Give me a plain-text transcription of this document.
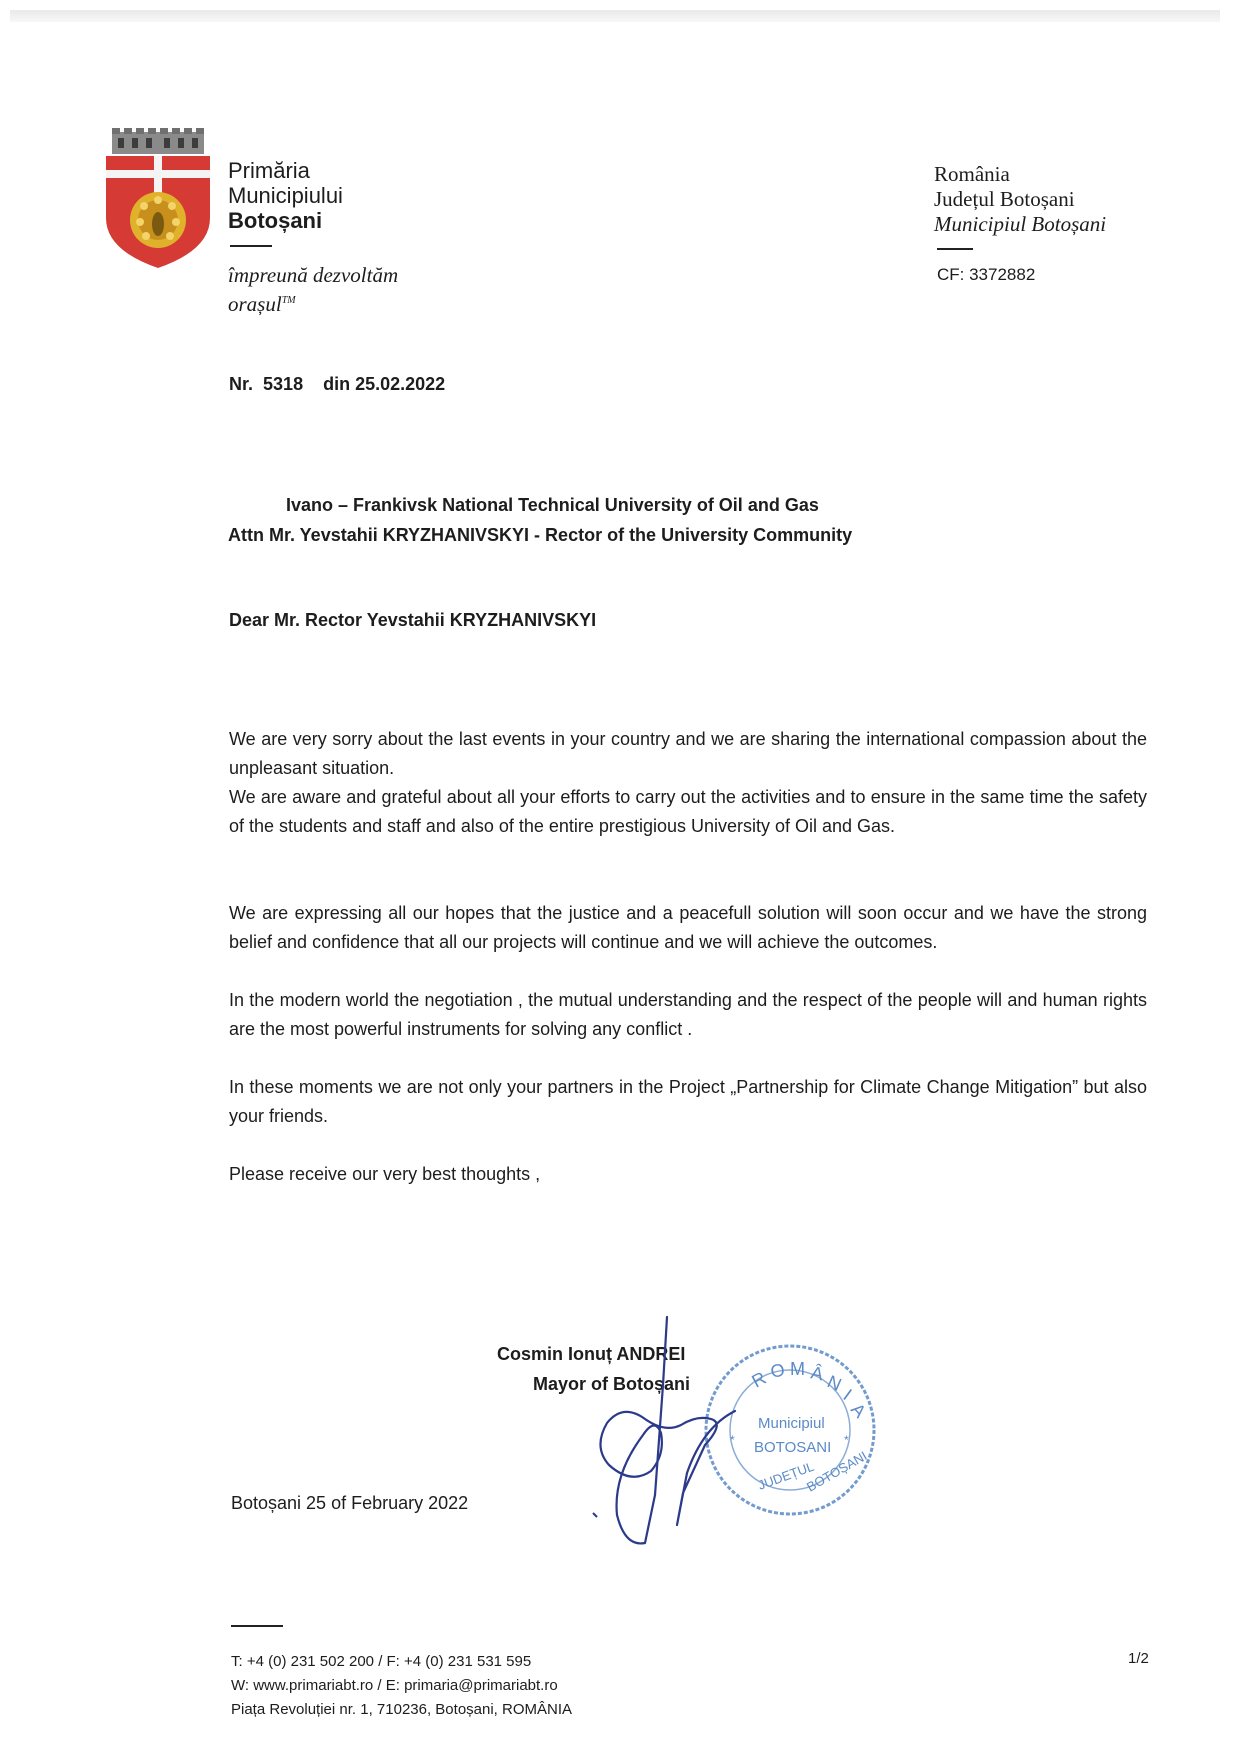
Primăria
Municipiului
Botoșani
împreună dezvoltăm
orașul™
România
Județul Botoșani
Municipiul Botoșani
CF: 3372882
Nr. 5318 din 25.02.2022
Ivano – Frankivsk National Technical University of Oil and Gas
Attn Mr. Yevstahii KRYZHANIVSKYI - Rector of the University Community
Dear Mr. Rector Yevstahii KRYZHANIVSKYI

We are very sorry about the last events in your country and we are sharing the international compassion about the unpleasant situation.

We are aware and grateful about all your efforts to carry out the activities and to ensure in the same time the safety of the students and staff and also of the entire prestigious University of Oil and Gas.

We are expressing all our hopes that the justice and a peacefull solution will soon occur and we have the strong belief and confidence that all our projects will continue and we will achieve the outcomes.

In the modern world the negotiation , the mutual understanding and the respect of the people will and human rights are the most powerful instruments for solving any conflict .

In these moments we are not only your partners in the Project „Partnership for Climate Change Mitigation” but also your friends.

Please receive our very best thoughts ,

Cosmin Ionuț ANDREI
Mayor of Botoșani
Botoșani 25 of February 2022
R O M Â N
I
A
Municipiul
BOTOSANI
*	*
JUDEȚUL
BOTOȘANI
T: +4 (0) 231 502 200 / F: +4 (0) 231 531 595
W: www.primariabt.ro / E: primaria@primariabt.ro
Piața Revoluției nr. 1, 710236, Botoșani, ROMÂNIA
1/2
